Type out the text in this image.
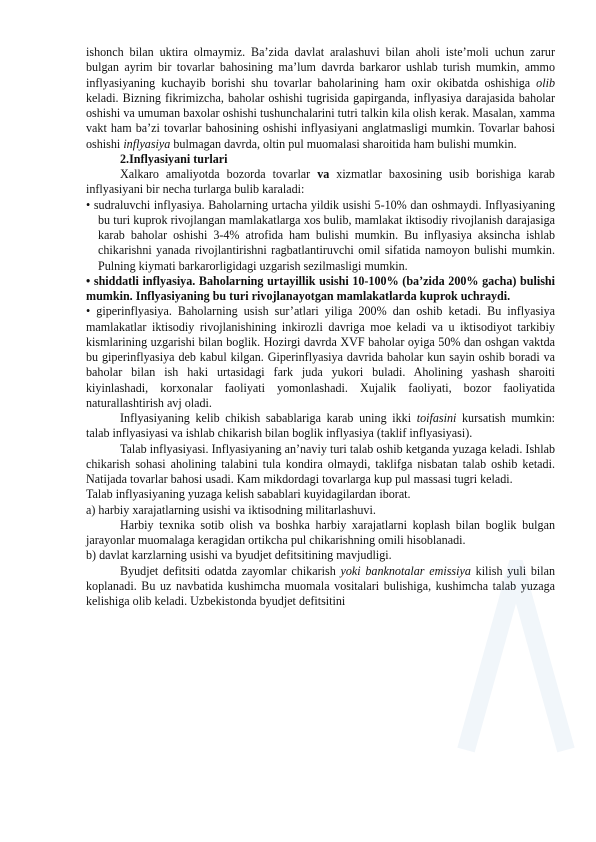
ishonch bilan uktira olmaymiz. Ba’zida davlat aralashuvi bilan aholi iste’moli uchun zarur bulgan ayrim bir tovarlar bahosining ma’lum davrda barkaror ushlab turish mumkin, ammo inflyasiyaning kuchayib borishi shu tovarlar baholarining ham oxir okibatda oshishiga olib keladi. Bizning fikrimizcha, baholar oshishi tugrisida gapirganda, inflyasiya darajasida baholar oshishi va umuman baxolar oshishi tushunchalarini tutri talkin kila olish kerak. Masalan, xamma vakt ham ba’zi tovarlar bahosining oshishi inflyasiyani anglatmasligi mumkin. Tovarlar bahosi oshishi inflyasiya bulmagan davrda, oltin pul muomalasi sharoitida ham bulishi mumkin.

2.Inflyasiyani turlari

Xalkaro amaliyotda bozorda tovarlar va xizmatlar baxosining usib borishiga karab inflyasiyani bir necha turlarga bulib karaladi:

• sudraluvchi inflyasiya. Baholarning urtacha yildik usishi 5-10% dan oshmaydi. Inflyasiyaning bu turi kuprok rivojlangan mamlakatlarga xos bulib, mamlakat iktisodiy rivojlanish darajasiga karab baholar oshishi 3-4% atrofida ham bulishi mumkin. Bu inflyasiya aksincha ishlab chikarishni yanada rivojlantirishni ragbatlantiruvchi omil sifatida namoyon bulishi mumkin. Pulning kiymati barkarorligidagi uzgarish sezilmasligi mumkin.

• shiddatli inflyasiya. Baholarning urtayillik usishi 10-100% (ba’zida 200% gacha) bulishi mumkin. Inflyasiyaning bu turi rivojlanayotgan mamlakatlarda kuprok uchraydi.

• giperinflyasiya. Baholarning usish sur’atlari yiliga 200% dan oshib ketadi. Bu inflyasiya mamlakatlar iktisodiy rivojlanishining inkirozli davriga moe keladi va u iktisodiyot tarkibiy kismlarining uzgarishi bilan boglik. Hozirgi davrda XVF baholar oyiga 50% dan oshgan vaktda bu giperinflyasiya deb kabul kilgan. Giperinflyasiya davrida baholar kun sayin oshib boradi va baholar bilan ish haki urtasidagi fark juda yukori buladi. Aholining yashash sharoiti kiyinlashadi, korxonalar faoliyati yomonlashadi. Xujalik faoliyati, bozor faoliyatida naturallashtirish avj oladi.

Inflyasiyaning kelib chikish sabablariga karab uning ikki toifasini kursatish mumkin: talab inflyasiyasi va ishlab chikarish bilan boglik inflyasiya (taklif inflyasiyasi).

Talab inflyasiyasi. Inflyasiyaning an’naviy turi talab oshib ketganda yuzaga keladi. Ishlab chikarish sohasi aholining talabini tula kondira olmaydi, taklifga nisbatan talab oshib ketadi. Natijada tovarlar bahosi usadi. Kam mikdordagi tovarlarga kup pul massasi tugri keladi.

Talab inflyasiyaning yuzaga kelish sabablari kuyidagilardan iborat.

a) harbiy xarajatlarning usishi va iktisodning militarlashuvi.

Harbiy texnika sotib olish va boshka harbiy xarajatlarni koplash bilan boglik bulgan jarayonlar muomalaga keragidan ortikcha pul chikarishning omili hisoblanadi.

b) davlat karzlarning usishi va byudjet defitsitining mavjudligi.

Byudjet defitsiti odatda zayomlar chikarish yoki banknotalar emissiya kilish yuli bilan koplanadi. Bu uz navbatida kushimcha muomala vositalari bulishiga, kushimcha talab yuzaga kelishiga olib keladi. Uzbekistonda byudjet defitsitini
